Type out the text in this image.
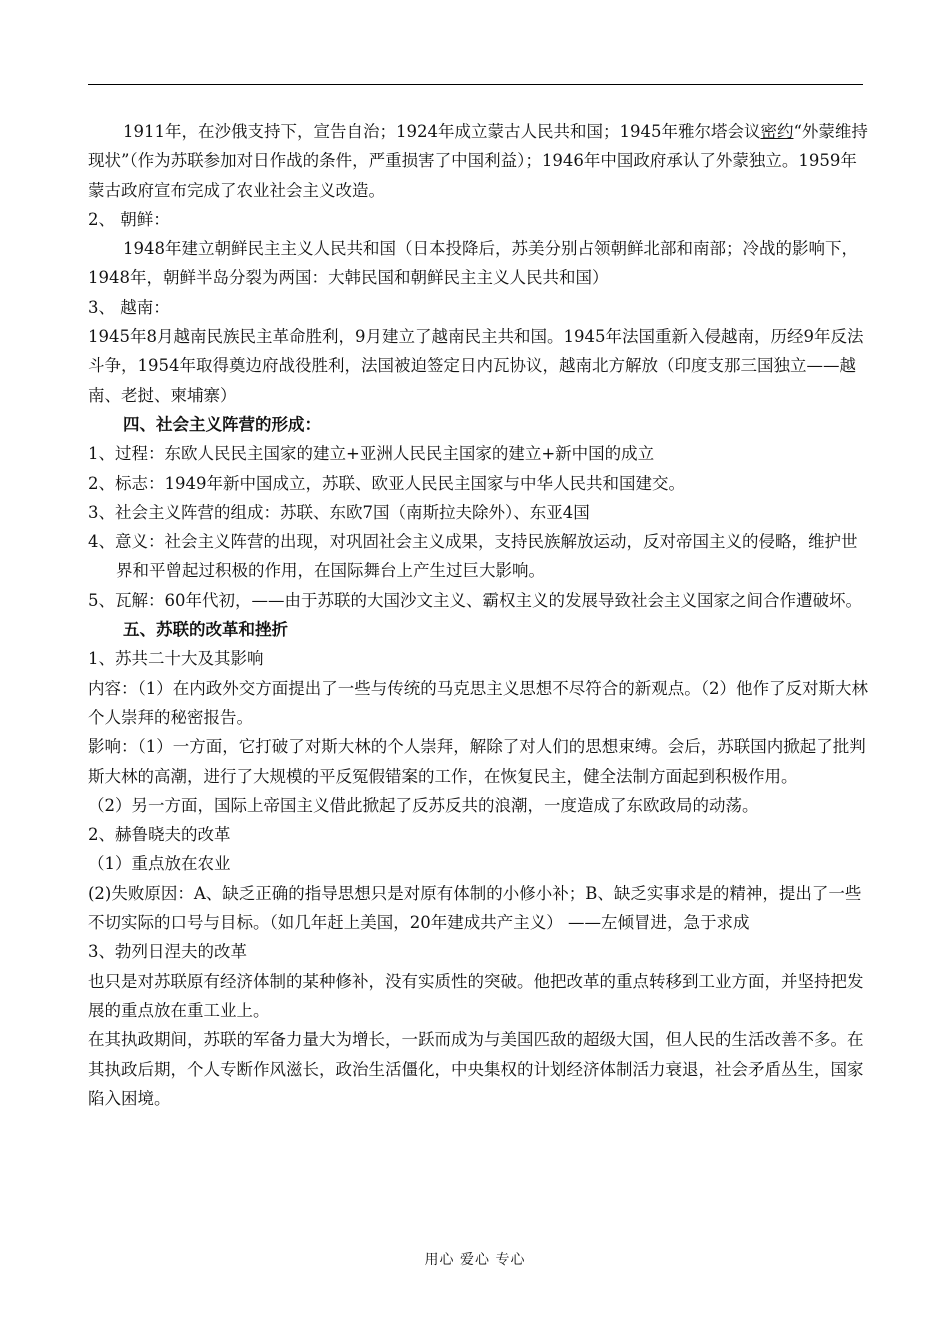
1911年，在沙俄支持下，宣告自治；1924年成立蒙古人民共和国；1945年雅尔塔会议密约“外蒙维持现状”（作为苏联参加对日作战的条件，严重损害了中国利益）；1946年中国政府承认了外蒙独立。1959年蒙古政府宣布完成了农业社会主义改造。

2、 朝鲜：

1948年建立朝鲜民主主义人民共和国（日本投降后，苏美分别占领朝鲜北部和南部；冷战的影响下，1948年，朝鲜半岛分裂为两国：大韩民国和朝鲜民主主义人民共和国）

3、 越南：

1945年8月越南民族民主革命胜利，9月建立了越南民主共和国。1945年法国重新入侵越南，历经9年反法斗争，1954年取得奠边府战役胜利，法国被迫签定日内瓦协议，越南北方解放（印度支那三国独立——越南、老挝、柬埔寨）

四、社会主义阵营的形成：

1、过程：东欧人民民主国家的建立+亚洲人民民主国家的建立+新中国的成立

2、标志：1949年新中国成立，苏联、欧亚人民民主国家与中华人民共和国建交。

3、社会主义阵营的组成：苏联、东欧7国（南斯拉夫除外）、东亚4国

4、意义：社会主义阵营的出现，对巩固社会主义成果，支持民族解放运动，反对帝国主义的侵略，维护世界和平曾起过积极的作用，在国际舞台上产生过巨大影响。

5、瓦解：60年代初，——由于苏联的大国沙文主义、霸权主义的发展导致社会主义国家之间合作遭破坏。

五、苏联的改革和挫折

1、苏共二十大及其影响

内容：（1）在内政外交方面提出了一些与传统的马克思主义思想不尽符合的新观点。（2）他作了反对斯大林个人崇拜的秘密报告。

影响：（1）一方面，它打破了对斯大林的个人崇拜，解除了对人们的思想束缚。会后，苏联国内掀起了批判斯大林的高潮，进行了大规模的平反冤假错案的工作，在恢复民主，健全法制方面起到积极作用。

（2）另一方面，国际上帝国主义借此掀起了反苏反共的浪潮，一度造成了东欧政局的动荡。

2、赫鲁晓夫的改革

（1）重点放在农业

(2)失败原因：A、缺乏正确的指导思想只是对原有体制的小修小补；B、缺乏实事求是的精神，提出了一些不切实际的口号与目标。（如几年赶上美国，20年建成共产主义） ——左倾冒进，急于求成

3、勃列日涅夫的改革

也只是对苏联原有经济体制的某种修补，没有实质性的突破。他把改革的重点转移到工业方面，并坚持把发展的重点放在重工业上。

在其执政期间，苏联的军备力量大为增长，一跃而成为与美国匹敌的超级大国，但人民的生活改善不多。在其执政后期，个人专断作风滋长，政治生活僵化，中央集权的计划经济体制活力衰退，社会矛盾丛生，国家陷入困境。

用心 爱心 专心
